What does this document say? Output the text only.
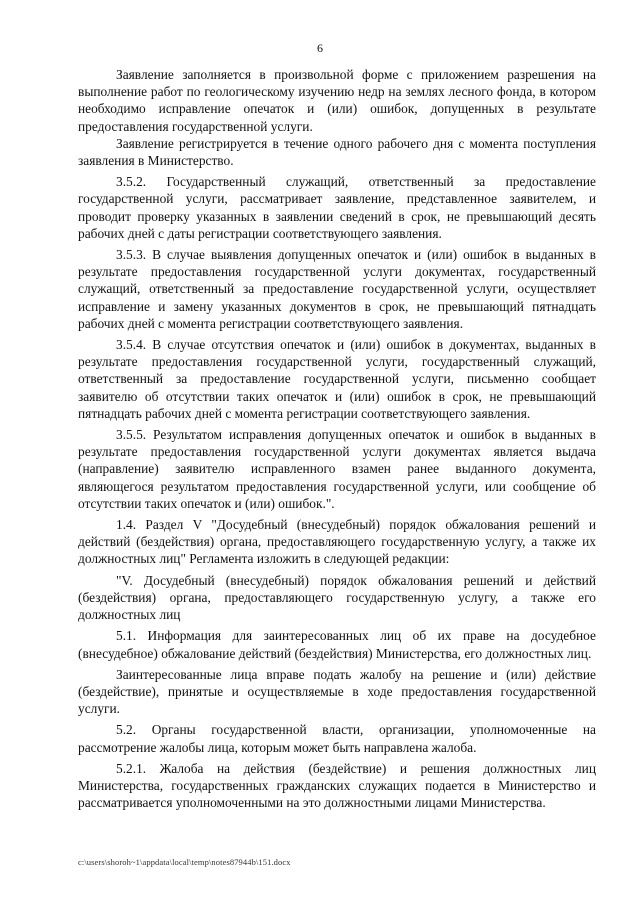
6

Заявление заполняется в произвольной форме с приложением разрешения на выполнение работ по геологическому изучению недр на землях лесного фонда, в котором необходимо исправление опечаток и (или) ошибок, допущенных в результате предоставления государственной услуги.

Заявление регистрируется в течение одного рабочего дня с момента поступления заявления в Министерство.

3.5.2. Государственный служащий, ответственный за предоставление государственной услуги, рассматривает заявление, представленное заявителем, и проводит проверку указанных в заявлении сведений в срок, не превышающий десять рабочих дней с даты регистрации соответствующего заявления.

3.5.3. В случае выявления допущенных опечаток и (или) ошибок в выданных в результате предоставления государственной услуги документах, государственный служащий, ответственный за предоставление государственной услуги, осуществляет исправление и замену указанных документов в срок, не превышающий пятнадцать рабочих дней с момента регистрации соответствующего заявления.

3.5.4. В случае отсутствия опечаток и (или) ошибок в документах, выданных в результате предоставления государственной услуги, государственный служащий, ответственный за предоставление государственной услуги, письменно сообщает заявителю об отсутствии таких опечаток и (или) ошибок в срок, не превышающий пятнадцать рабочих дней с момента регистрации соответствующего заявления.

3.5.5. Результатом исправления допущенных опечаток и ошибок в выданных в результате предоставления государственной услуги документах является выдача (направление) заявителю исправленного взамен ранее выданного документа, являющегося результатом предоставления государственной услуги, или сообщение об отсутствии таких опечаток и (или) ошибок.".

1.4. Раздел V "Досудебный (внесудебный) порядок обжалования решений и действий (бездействия) органа, предоставляющего государственную услугу, а также их должностных лиц" Регламента изложить в следующей редакции:

"V. Досудебный (внесудебный) порядок обжалования решений и действий (бездействия) органа, предоставляющего государственную услугу, а также его должностных лиц

5.1. Информация для заинтересованных лиц об их праве на досудебное (внесудебное) обжалование действий (бездействия) Министерства, его должностных лиц.

Заинтересованные лица вправе подать жалобу на решение и (или) действие (бездействие), принятые и осуществляемые в ходе предоставления государственной услуги.

5.2. Органы государственной власти, организации, уполномоченные на рассмотрение жалобы лица, которым может быть направлена жалоба.

5.2.1. Жалоба на действия (бездействие) и решения должностных лиц Министерства, государственных гражданских служащих подается в Министерство и рассматривается уполномоченными на это должностными лицами Министерства.

c:\users\shoroh~1\appdata\local\temp\notes87944b\151.docx
